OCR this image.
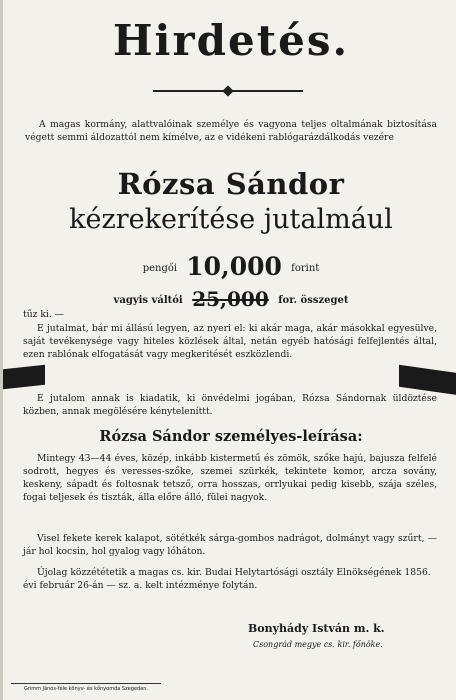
Hirdetés.
A magas kormány, alattvalóinak személye és vagyona teljes oltalmának biztosítása végett semmi áldozattól nem kímélve, az e vidékeni rablógarázdálkodás vezére
Rózsa Sándor
kézrekerítése jutalmául
pengői 10,000 forint
vagyis váltói 25,000 for. összeget
tűz ki. —
E jutalmat, bár mi állású legyen, az nyeri el: ki akár maga, akár másokkal egyesülve, saját tevékenysége vagy hiteles közlések által, netán egyéb hatósági felfejlentés által, ezen rablónak elfogatását vagy megkeritését eszközlendi.
E jutalom annak is kiadatik, ki önvédelmi jogában, Rózsa Sándornak üldöztése közben, annak megölésére kényteleníttt.
Rózsa Sándor személyes-leírása:
Mintegy 43—44 éves, közép, inkább kistermetű és zömök, szőke hajú, bajusza felfelé sodrott, hegyes és veresses-szőke, szemei szürkék, tekintete komor, arcza sovány, keskeny, sápadt és foltosnak tetsző, orra hosszas, orrlyukai pedig kisebb, szája széles, fogai teljesek és tiszták, álla előre álló, fülei nagyok.
Visel fekete kerek kalapot, sötétkék sárga-gombos nadrágot, dolmányt vagy szűrt, — jár hol kocsin, hol gyalog vagy lóháton.
Újolag közzététetik a magas cs. kir. Budai Helytartósági osztály Elnökségének 1856. évi február 26-án — sz. a. kelt intézménye folytán.
Bonyhády István m. k.
Csongrád megye cs. kir. főnöke.
Grimm János-féle könyv- és kőnyomda Szegeden.
